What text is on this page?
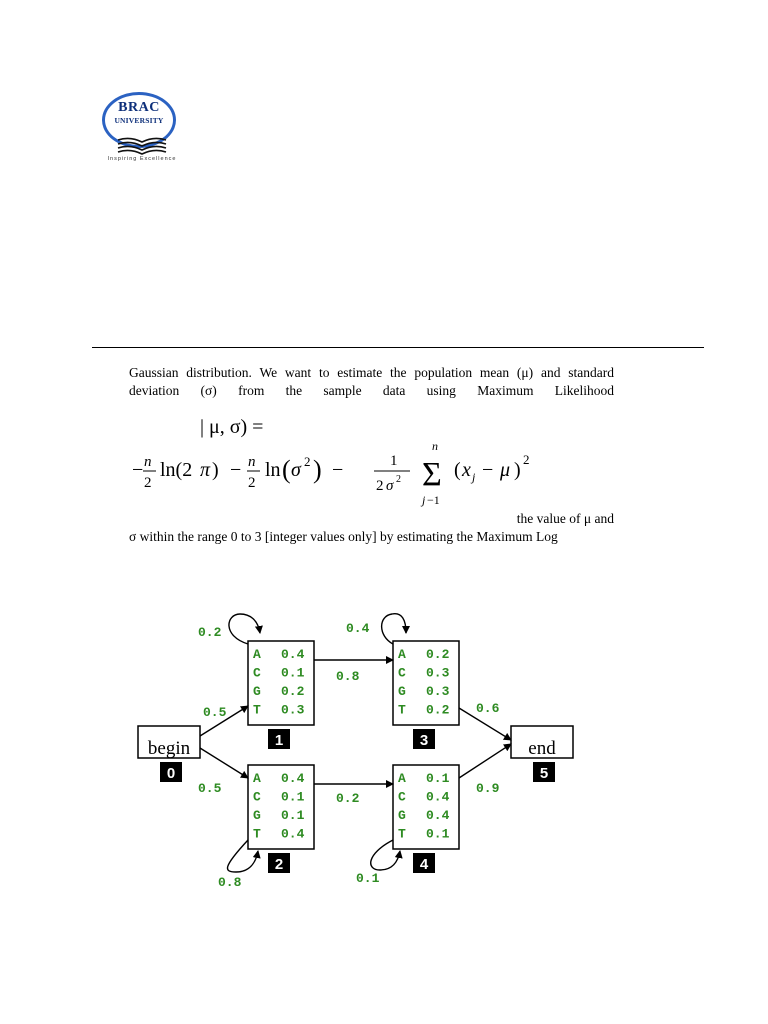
BRAC
UNIVERSITY
Inspiring Excellence
Gaussian distribution. We want to estimate the population mean (μ) and standard deviation (σ) from the sample data using Maximum Likelihood
| μ, σ) =
− n
2
ln(2 π ) − n
2
ln ( σ 2 ) −	1
2 σ 2
n
Σ
j −1
( x j − μ ) 2
the value of μ and
σ within the range 0 to 3 [integer values only] by estimating the Maximum Log
begin	end
A 0.4
C 0.1
G 0.2
T 0.3
A 0.4
C 0.1
G 0.1
T 0.4
A 0.2
C 0.3
G 0.3
T 0.2
A 0.1
C 0.4
G 0.4
T 0.1
0
1
2
3
4
5
0.5
0.5
0.2
0.8
0.8
0.2
0.4
0.6
0.1
0.9
